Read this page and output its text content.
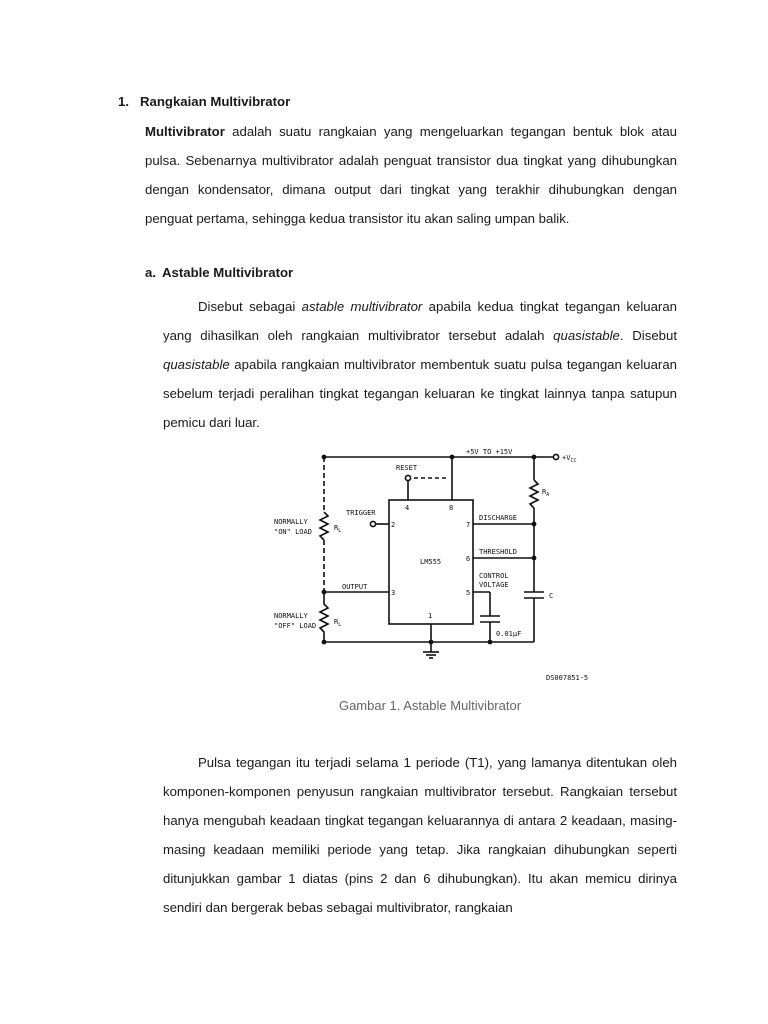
1. Rangkaian Multivibrator

Multivibrator adalah suatu rangkaian yang mengeluarkan tegangan bentuk blok atau pulsa. Sebenarnya multivibrator adalah penguat transistor dua tingkat yang dihubungkan dengan kondensator, dimana output dari tingkat yang terakhir dihubungkan dengan penguat pertama, sehingga kedua transistor itu akan saling umpan balik.

a. Astable Multivibrator

Disebut sebagai astable multivibrator apabila kedua tingkat tegangan keluaran yang dihasilkan oleh rangkaian multivibrator tersebut adalah quasistable. Disebut quasistable apabila rangkaian multivibrator membentuk suatu pulsa tegangan keluaran sebelum terjadi peralihan tingkat tegangan keluaran ke tingkat lainnya tanpa satupun pemicu dari luar.

+5V TO +15V
$+V_{CC}$
RESET
TRIGGER
LM555
DISCHARGE
THRESHOLD
CONTROL
VOLTAGE
OUTPUT
NORMALLY
"ON" LOAD
NORMALLY
"OFF" LOAD
$R_L$
$R_L$
$R_A$
C
0.01μF
4	8
2	7
6
3	5
1
DS007851-5
Gambar 1. Astable Multivibrator

Pulsa tegangan itu terjadi selama 1 periode (T1), yang lamanya ditentukan oleh komponen-komponen penyusun rangkaian multivibrator tersebut. Rangkaian tersebut hanya mengubah keadaan tingkat tegangan keluarannya di antara 2 keadaan, masing-masing keadaan memiliki periode yang tetap. Jika rangkaian dihubungkan seperti ditunjukkan gambar 1 diatas (pins 2 dan 6 dihubungkan). Itu akan memicu dirinya sendiri dan bergerak bebas sebagai multivibrator, rangkaian
